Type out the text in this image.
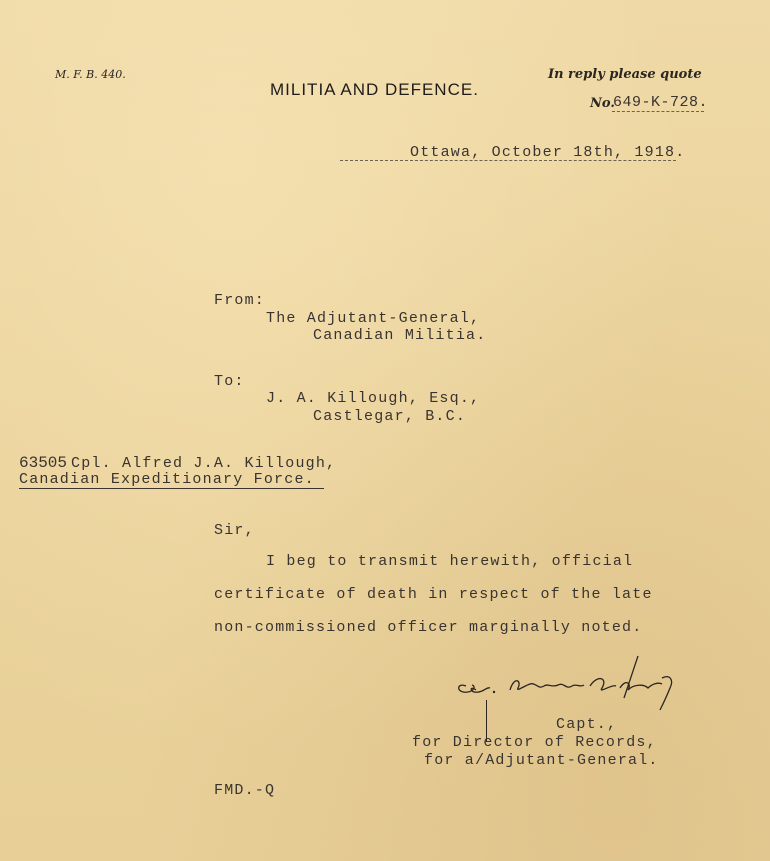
M. F. B. 440.
MILITIA AND DEFENCE.
In reply please quote
No.
649-K-728.
Ottawa, October 18th, 1918.
From:
The Adjutant-General,
Canadian Militia.
To:
J. A. Killough, Esq.,
Castlegar, B.C.
63505 Cpl. Alfred J.A. Killough,
Canadian Expeditionary Force.
Sir,
I beg to transmit herewith, official
certificate of death in respect of the late
non-commissioned officer marginally noted.
Capt.,
for Director of Records,
for a/Adjutant-General.
FMD.-Q
